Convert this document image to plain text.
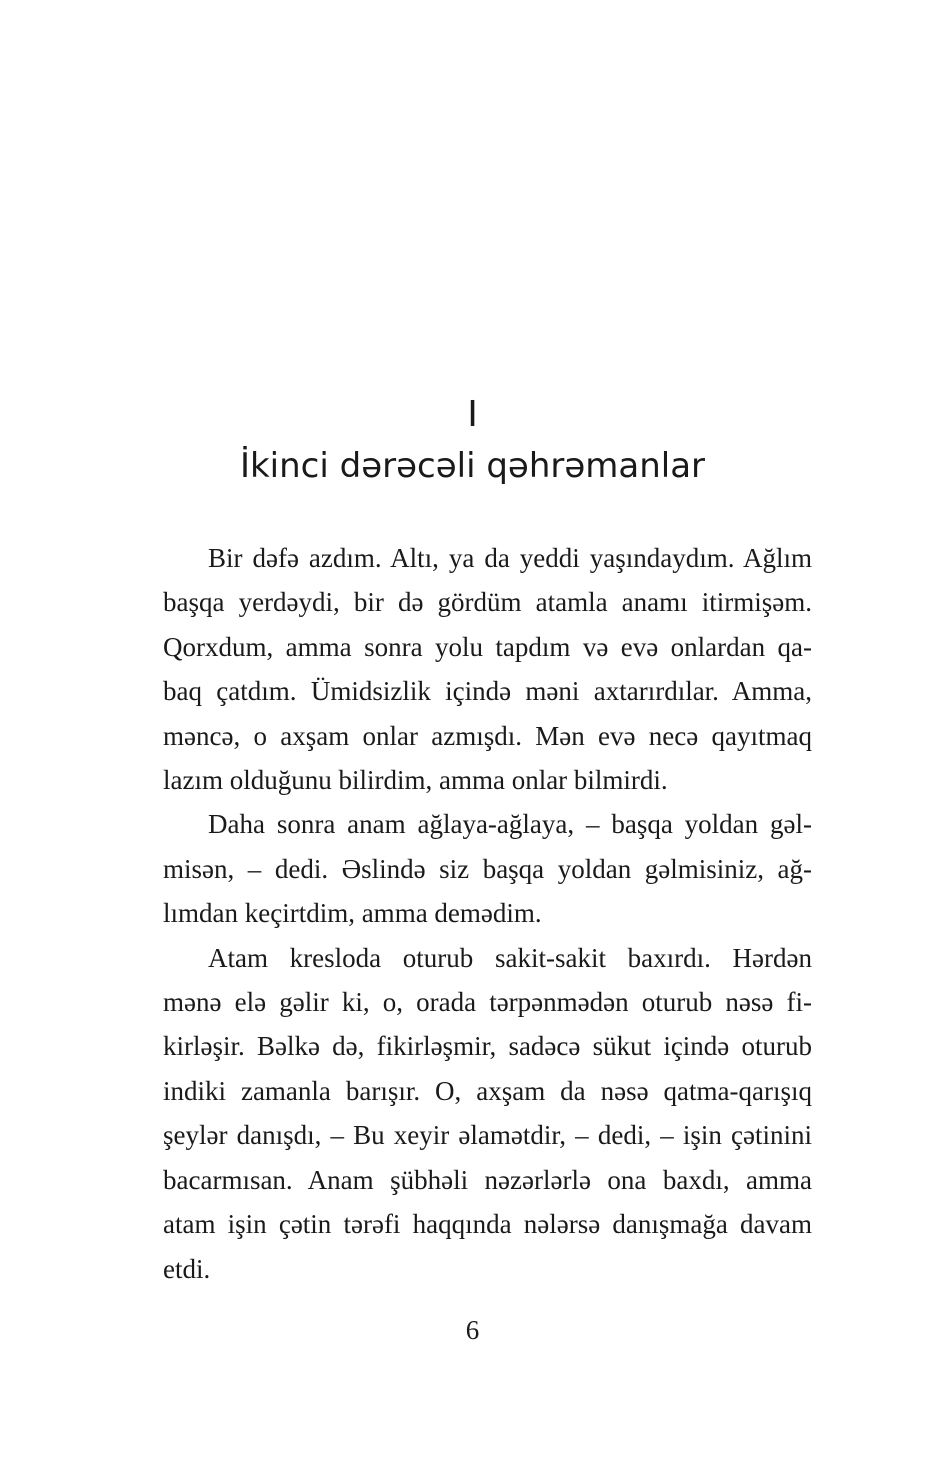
I
İkinci dərəcəli qəhrəmanlar

Bir dəfə azdım. Altı, ya da yeddi yaşındaydım. Ağlım
başqa yerdəydi, bir də gördüm atamla anamı itirmişəm.
Qorxdum, amma sonra yolu tapdım və evə onlardan qa-
baq çatdım. Ümidsizlik içində məni axtarırdılar. Amma,
məncə, o axşam onlar azmışdı. Mən evə necə qayıtmaq
lazım olduğunu bilirdim, amma onlar bilmirdi.

Daha sonra anam ağlaya-ağlaya, – başqa yoldan gəl-
misən, – dedi. Əslində siz başqa yoldan gəlmisiniz, ağ-
lımdan keçirtdim, amma demədim.

Atam kresloda oturub sakit-sakit baxırdı. Hərdən
mənə elə gəlir ki, o, orada tərpənmədən oturub nəsə fi-
kirləşir. Bəlkə də, fikirləşmir, sadəcə sükut içində oturub
indiki zamanla barışır. O, axşam da nəsə qatma-qarışıq
şeylər danışdı, – Bu xeyir əlamətdir, – dedi, – işin çətinini
bacarmısan. Anam şübhəli nəzərlərlə ona baxdı, amma
atam işin çətin tərəfi haqqında nələrsə danışmağa davam
etdi.

6
